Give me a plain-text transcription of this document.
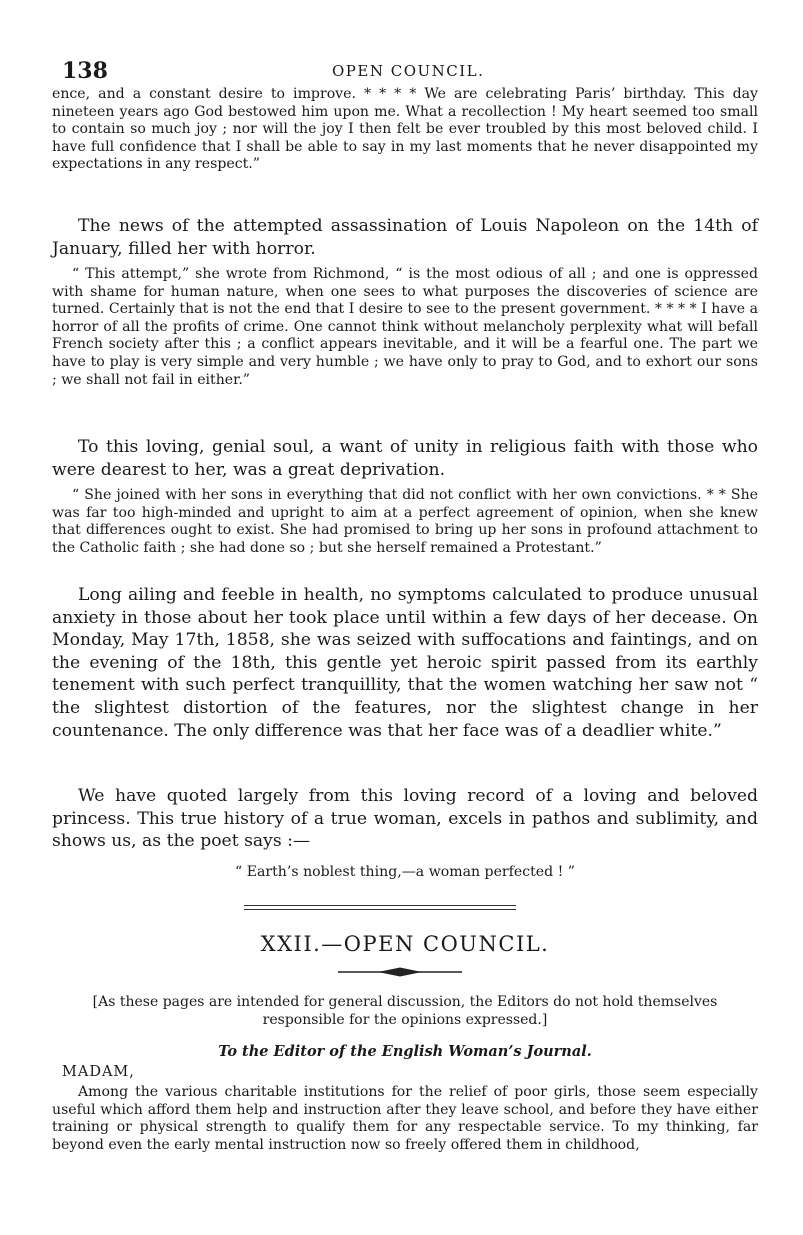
138	OPEN COUNCIL.

ence, and a constant desire to improve. * * * * We are celebrating Paris’ birthday. This day nineteen years ago God bestowed him upon me. What a recollection ! My heart seemed too small to contain so much joy ; nor will the joy I then felt be ever troubled by this most beloved child. I have full confidence that I shall be able to say in my last moments that he never disappointed my expectations in any respect.”

The news of the attempted assassination of Louis Napoleon on the 14th of January, filled her with horror.

“ This attempt,” she wrote from Richmond, “ is the most odious of all ; and one is oppressed with shame for human nature, when one sees to what purposes the discoveries of science are turned. Certainly that is not the end that I desire to see to the present government. * * * * I have a horror of all the profits of crime. One cannot think without melancholy perplexity what will befall French society after this ; a conflict appears inevitable, and it will be a fearful one. The part we have to play is very simple and very humble ; we have only to pray to God, and to exhort our sons ; we shall not fail in either.”

To this loving, genial soul, a want of unity in religious faith with those who were dearest to her, was a great deprivation.

“ She joined with her sons in everything that did not conflict with her own convictions. * * She was far too high-minded and upright to aim at a perfect agreement of opinion, when she knew that differences ought to exist. She had promised to bring up her sons in profound attachment to the Catholic faith ; she had done so ; but she herself remained a Protestant.”

Long ailing and feeble in health, no symptoms calculated to produce unusual anxiety in those about her took place until within a few days of her decease. On Monday, May 17th, 1858, she was seized with suffocations and faintings, and on the evening of the 18th, this gentle yet heroic spirit passed from its earthly tenement with such perfect tranquillity, that the women watching her saw not “ the slightest distortion of the features, nor the slightest change in her countenance. The only difference was that her face was of a deadlier white.”

We have quoted largely from this loving record of a loving and beloved princess. This true history of a true woman, excels in pathos and sublimity, and shows us, as the poet says :—

“ Earth’s noblest thing,—a woman perfected ! ”
XXII.—OPEN COUNCIL.

[As these pages are intended for general discussion, the Editors do not hold themselves responsible for the opinions expressed.]

To the Editor of the English Woman’s Journal.
MADAM,

Among the various charitable institutions for the relief of poor girls, those seem especially useful which afford them help and instruction after they leave school, and before they have either training or physical strength to qualify them for any respectable service. To my thinking, far beyond even the early mental instruction now so freely offered them in childhood,
